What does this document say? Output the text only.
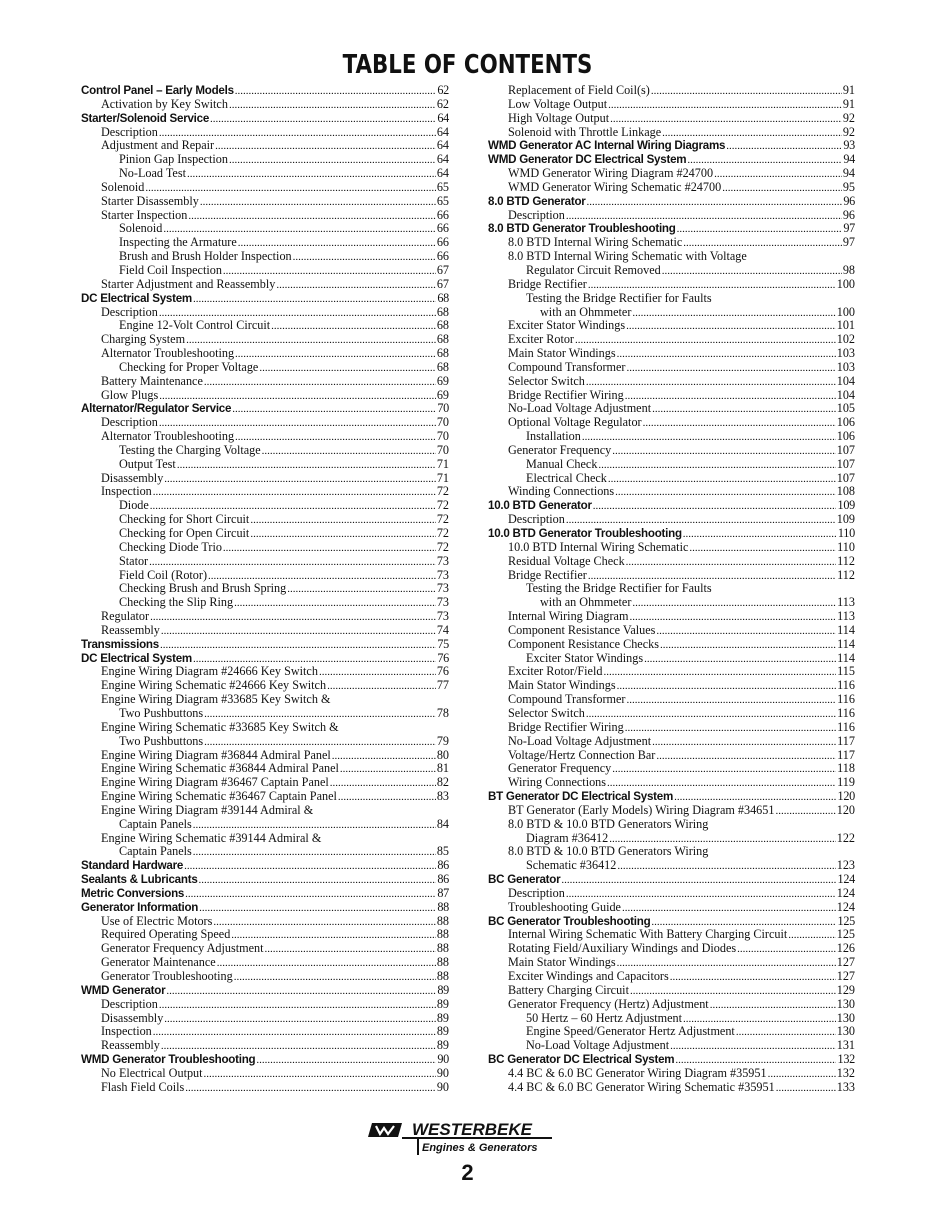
TABLE OF CONTENTS
Control Panel – Early Models .....	62
Activation by Key Switch .....	62
Starter/Solenoid Service .....	64
Description .....	64
Adjustment and Repair .....	64
Pinion Gap Inspection .....	64
No-Load Test .....	64
Solenoid .....	65
Starter Disassembly .....	65
Starter Inspection .....	66
Solenoid .....	66
Inspecting the Armature .....	66
Brush and Brush Holder Inspection .....	66
Field Coil Inspection .....	67
Starter Adjustment and Reassembly .....	67
DC Electrical System .....	68
Description .....	68
Engine 12-Volt Control Circuit .....	68
Charging System .....	68
Alternator Troubleshooting .....	68
Checking for Proper Voltage .....	68
Battery Maintenance .....	69
Glow Plugs .....	69
Alternator/Regulator Service .....	70
Description .....	70
Alternator Troubleshooting .....	70
Testing the Charging Voltage .....	70
Output Test .....	71
Disassembly .....	71
Inspection .....	72
Diode .....	72
Checking for Short Circuit .....	72
Checking for Open Circuit .....	72
Checking Diode Trio .....	72
Stator .....	73
Field Coil (Rotor) .....	73
Checking Brush and Brush Spring .....	73
Checking the Slip Ring .....	73
Regulator .....	73
Reassembly .....	74
Transmissions .....	75
DC Electrical System .....	76
Engine Wiring Diagram #24666 Key Switch .....	76
Engine Wiring Schematic #24666 Key Switch .....	77
Engine Wiring Diagram #33685 Key Switch &
Two Pushbuttons .....	78
Engine Wiring Schematic #33685 Key Switch &
Two Pushbuttons .....	79
Engine Wiring Diagram #36844 Admiral Panel .....	80
Engine Wiring Schematic #36844 Admiral Panel .....	81
Engine Wiring Diagram #36467 Captain Panel .....	82
Engine Wiring Schematic #36467 Captain Panel .....	83
Engine Wiring Diagram #39144 Admiral &
Captain Panels .....	84
Engine Wiring Schematic #39144 Admiral &
Captain Panels .....	85
Standard Hardware .....	86
Sealants & Lubricants .....	86
Metric Conversions .....	87
Generator Information .....	88
Use of Electric Motors .....	88
Required Operating Speed .....	88
Generator Frequency Adjustment .....	88
Generator Maintenance .....	88
Generator Troubleshooting .....	88
WMD Generator .....	89
Description .....	89
Disassembly .....	89
Inspection .....	89
Reassembly .....	89
WMD Generator Troubleshooting .....	90
No Electrical Output .....	90
Flash Field Coils .....	90
Replacement of Field Coil(s) .....	91
Low Voltage Output .....	91
High Voltage Output .....	92
Solenoid with Throttle Linkage .....	92
WMD Generator AC Internal Wiring Diagrams .....	93
WMD Generator DC Electrical System .....	94
WMD Generator Wiring Diagram #24700 .....	94
WMD Generator Wiring Schematic #24700 .....	95
8.0 BTD Generator .....	96
Description .....	96
8.0 BTD Generator Troubleshooting .....	97
8.0 BTD Internal Wiring Schematic .....	97
8.0 BTD Internal Wiring Schematic with Voltage
Regulator Circuit Removed .....	98
Bridge Rectifier .....	100
Testing the Bridge Rectifier for Faults
with an Ohmmeter .....	100
Exciter Stator Windings .....	101
Exciter Rotor .....	102
Main Stator Windings .....	103
Compound Transformer .....	103
Selector Switch .....	104
Bridge Rectifier Wiring .....	104
No-Load Voltage Adjustment .....	105
Optional Voltage Regulator .....	106
Installation .....	106
Generator Frequency .....	107
Manual Check .....	107
Electrical Check .....	107
Winding Connections .....	108
10.0 BTD Generator .....	109
Description .....	109
10.0 BTD Generator Troubleshooting .....	110
10.0 BTD Internal Wiring Schematic .....	110
Residual Voltage Check .....	112
Bridge Rectifier .....	112
Testing the Bridge Rectifier for Faults
with an Ohmmeter .....	113
Internal Wiring Diagram .....	113
Component Resistance Values .....	114
Component Resistance Checks .....	114
Exciter Stator Windings .....	114
Exciter Rotor/Field .....	115
Main Stator Windings .....	116
Compound Transformer .....	116
Selector Switch .....	116
Bridge Rectifier Wiring .....	116
No-Load Voltage Adjustment .....	117
Voltage/Hertz Connection Bar .....	117
Generator Frequency .....	118
Wiring Connections .....	119
BT Generator DC Electrical System .....	120
BT Generator (Early Models) Wiring Diagram #34651 .....	120
8.0 BTD & 10.0 BTD Generators Wiring
Diagram #36412 .....	122
8.0 BTD & 10.0 BTD Generators Wiring
Schematic #36412 .....	123
BC Generator .....	124
Description .....	124
Troubleshooting Guide .....	124
BC Generator Troubleshooting .....	125
Internal Wiring Schematic With Battery Charging Circuit .....	125
Rotating Field/Auxiliary Windings and Diodes .....	126
Main Stator Windings .....	127
Exciter Windings and Capacitors .....	127
Battery Charging Circuit .....	129
Generator Frequency (Hertz) Adjustment .....	130
50 Hertz – 60 Hertz Adjustment .....	130
Engine Speed/Generator Hertz Adjustment .....	130
No-Load Voltage Adjustment .....	131
BC Generator DC Electrical System .....	132
4.4 BC & 6.0 BC Generator Wiring Diagram #35951 .....	132
4.4 BC & 6.0 BC Generator Wiring Schematic #35951 .....	133
WESTERBEKE
Engines & Generators
2
